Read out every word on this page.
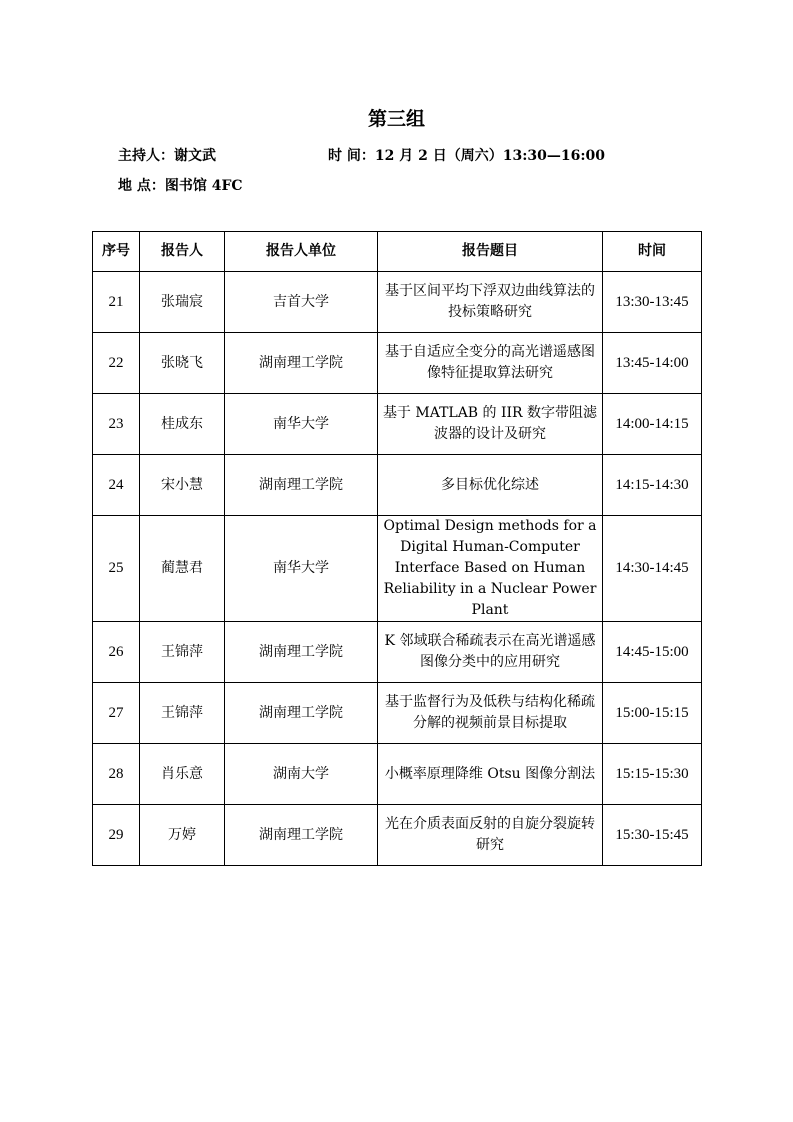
第三组
主持人：谢文武	时 间：12 月 2 日（周六）13:30—16:00
地 点：图书馆 4FC
序号	报告人	报告人单位	报告题目	时间
21	张瑞宸	吉首大学	基于区间平均下浮双边曲线算法的投标策略研究	13:30-13:45
22	张晓飞	湖南理工学院	基于自适应全变分的高光谱遥感图像特征提取算法研究	13:45-14:00
23	桂成东	南华大学	基于 MATLAB 的 IIR 数字带阻滤波器的设计及研究	14:00-14:15
24	宋小慧	湖南理工学院	多目标优化综述	14:15-14:30
25	蔺慧君	南华大学	Optimal Design methods for a Digital Human-Computer Interface Based on Human Reliability in a Nuclear Power Plant	14:30-14:45
26	王锦萍	湖南理工学院	K 邻域联合稀疏表示在高光谱遥感图像分类中的应用研究	14:45-15:00
27	王锦萍	湖南理工学院	基于监督行为及低秩与结构化稀疏分解的视频前景目标提取	15:00-15:15
28	肖乐意	湖南大学	小概率原理降维 Otsu 图像分割法	15:15-15:30
29	万婷	湖南理工学院	光在介质表面反射的自旋分裂旋转研究	15:30-15:45
